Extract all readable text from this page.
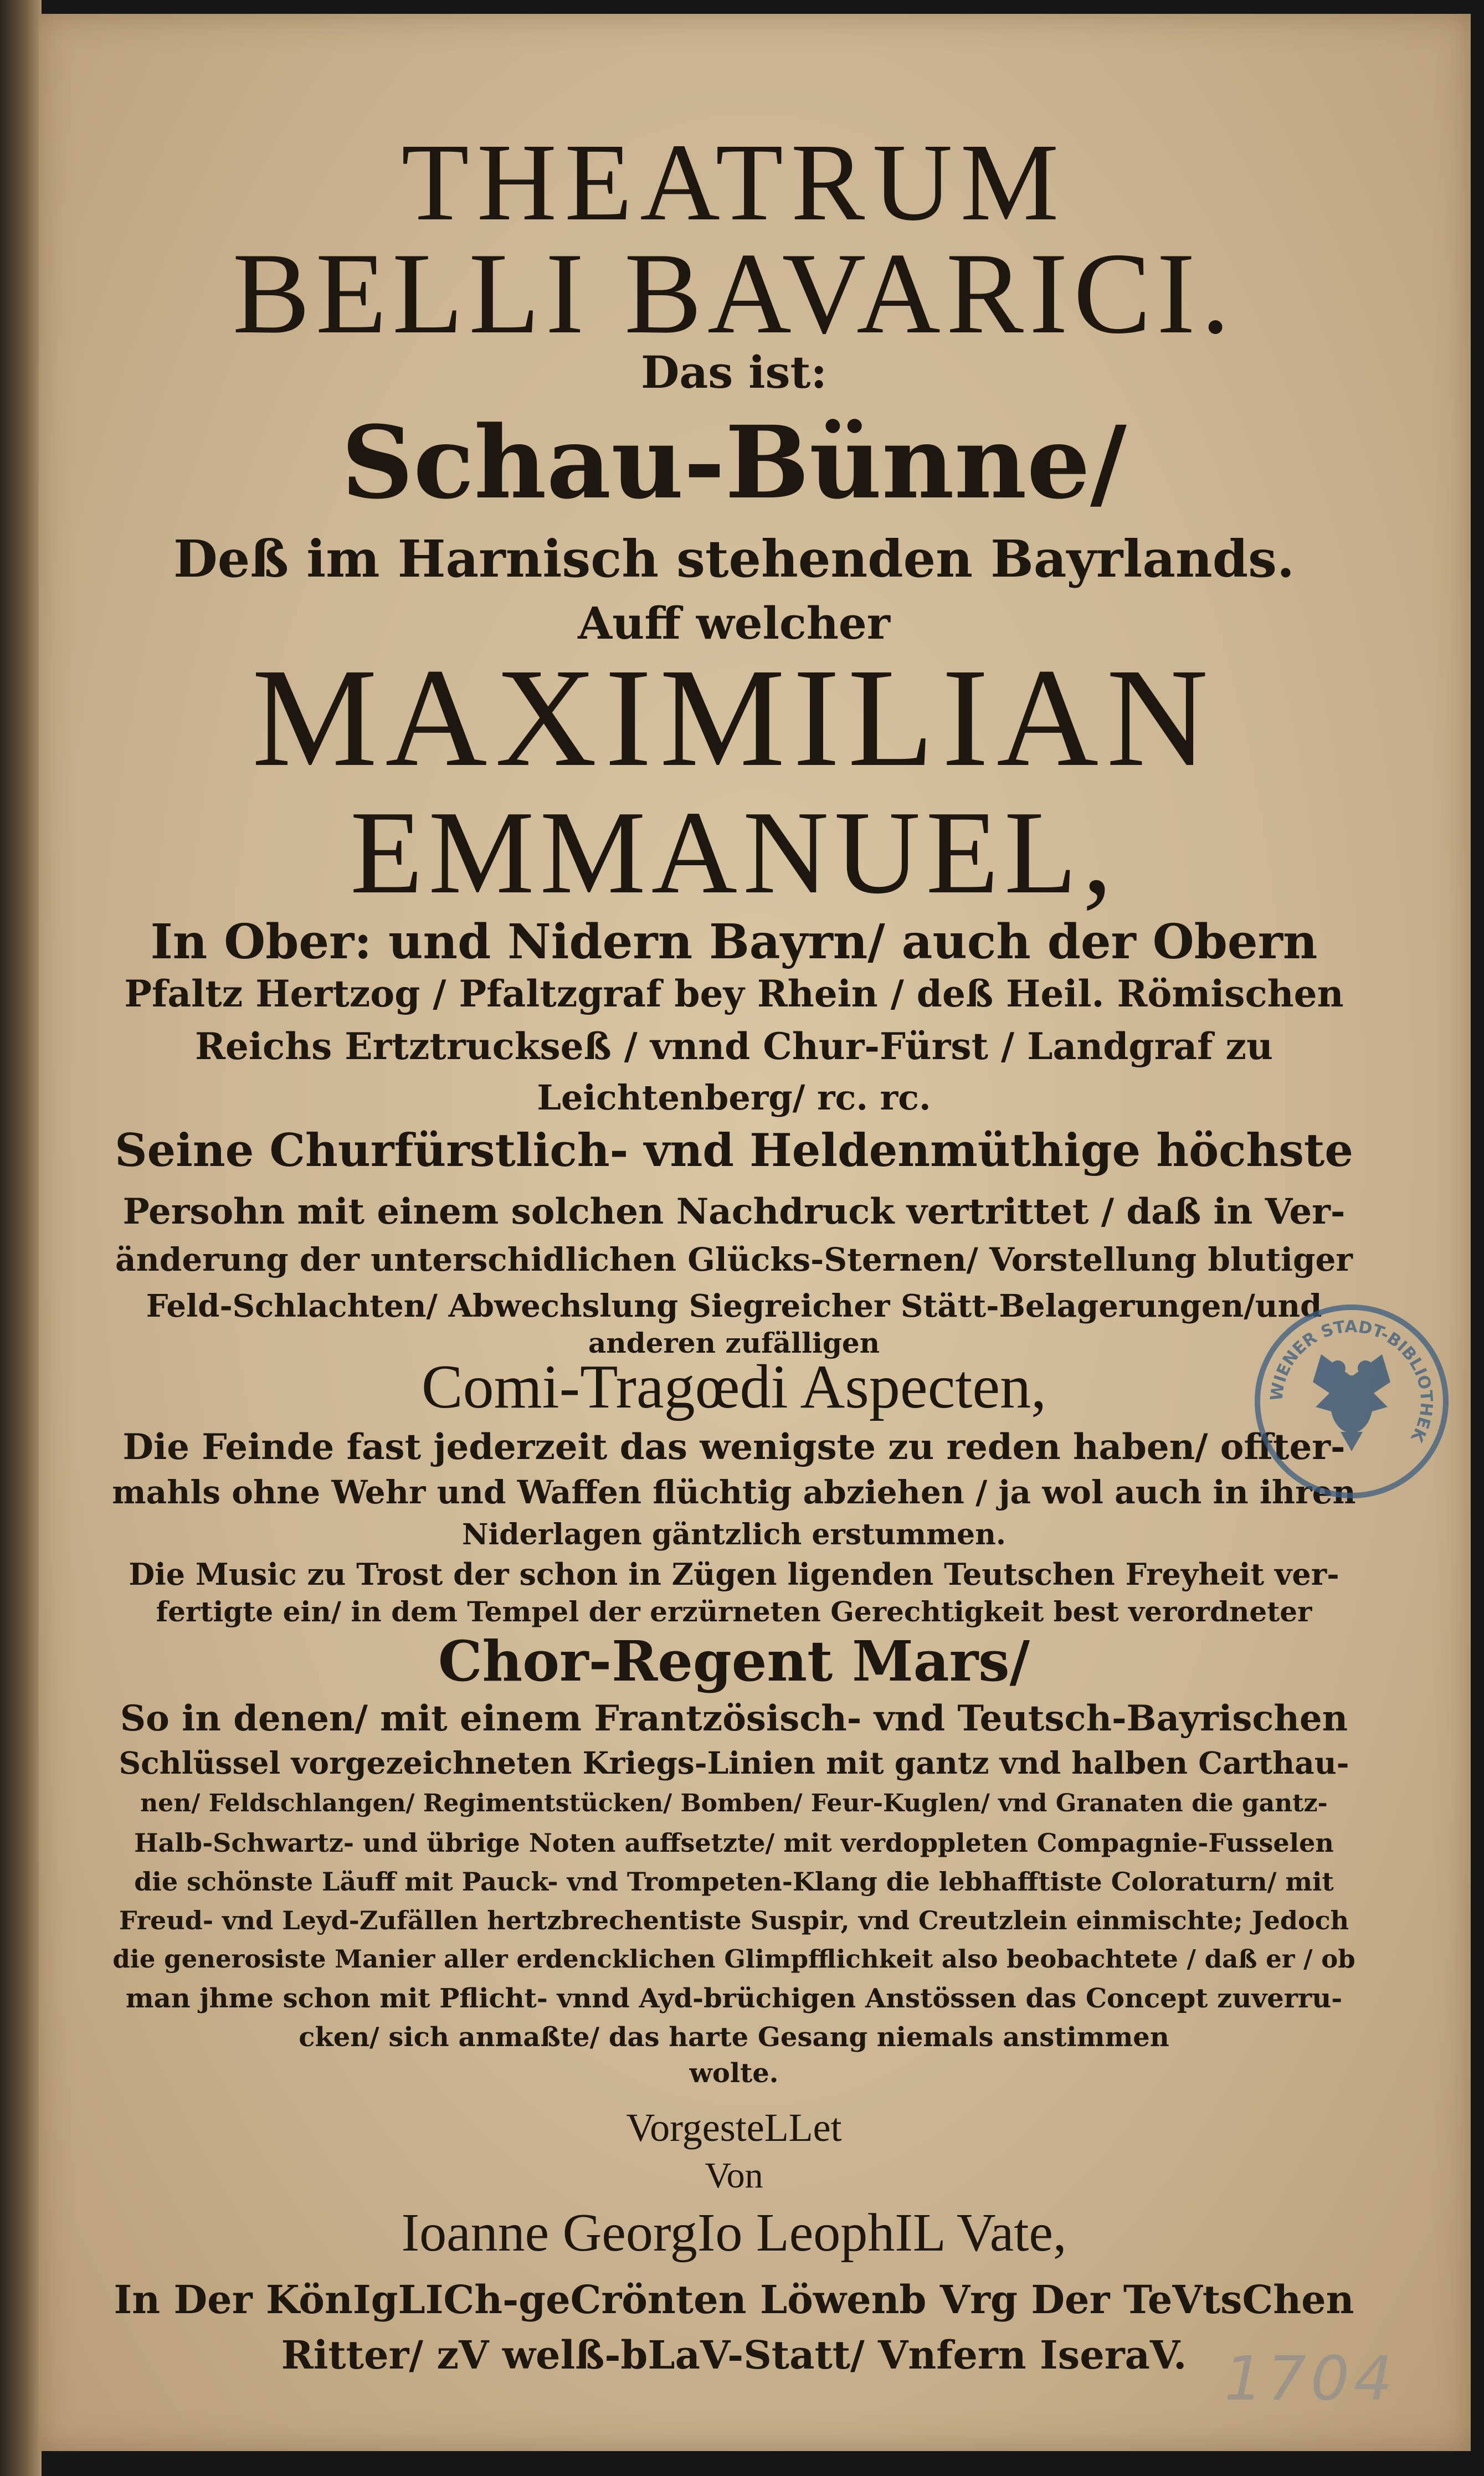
THEATRUM
BELLI BAVARICI.
Das ist:
Schau-Bünne/
Deß im Harnisch stehenden Bayrlands.
Auff welcher
MAXIMILIAN
EMMANUEL,
In Ober: und Nidern Bayrn/ auch der Obern
Pfaltz Hertzog / Pfaltzgraf bey Rhein / deß Heil. Römischen
Reichs Ertztruckseß / vnnd Chur-Fürst / Landgraf zu
Leichtenberg/ rc. rc.
Seine Churfürstlich- vnd Heldenmüthige höchste
Persohn mit einem solchen Nachdruck vertrittet / daß in Ver-
änderung der unterschidlichen Glücks-Sternen/ Vorstellung blutiger
Feld-Schlachten/ Abwechslung Siegreicher Stätt-Belagerungen/und
anderen zufälligen
Comi-Tragœdi Aspecten,
Die Feinde fast jederzeit das wenigste zu reden haben/ offter-
mahls ohne Wehr und Waffen flüchtig abziehen / ja wol auch in ihren
Niderlagen gäntzlich erstummen.
Die Music zu Trost der schon in Zügen ligenden Teutschen Freyheit ver-
fertigte ein/ in dem Tempel der erzürneten Gerechtigkeit best verordneter
Chor-Regent Mars/
So in denen/ mit einem Frantzösisch- vnd Teutsch-Bayrischen
Schlüssel vorgezeichneten Kriegs-Linien mit gantz vnd halben Carthau-
nen/ Feldschlangen/ Regimentstücken/ Bomben/ Feur-Kuglen/ vnd Granaten die gantz-
Halb-Schwartz- und übrige Noten auffsetzte/ mit verdoppleten Compagnie-Fusselen
die schönste Läuff mit Pauck- vnd Trompeten-Klang die lebhafftiste Coloraturn/ mit
Freud- vnd Leyd-Zufällen hertzbrechentiste Suspir, vnd Creutzlein einmischte; Jedoch
die generosiste Manier aller erdencklichen Glimpfflichkeit also beobachtete / daß er / ob
man jhme schon mit Pflicht- vnnd Ayd-brüchigen Anstössen das Concept zuverru-
cken/ sich anmaßte/ das harte Gesang niemals anstimmen
wolte.
VorgesteLLet
Von
Ioanne GeorgIo LeophIL Vate,
In Der KönIgLICh-geCrönten Löwenb Vrg Der TeVtsChen
Ritter/ zV welß-bLaV-Statt/ Vnfern IseraV.
WIENER STADT-BIBLIOTHEK
1704
